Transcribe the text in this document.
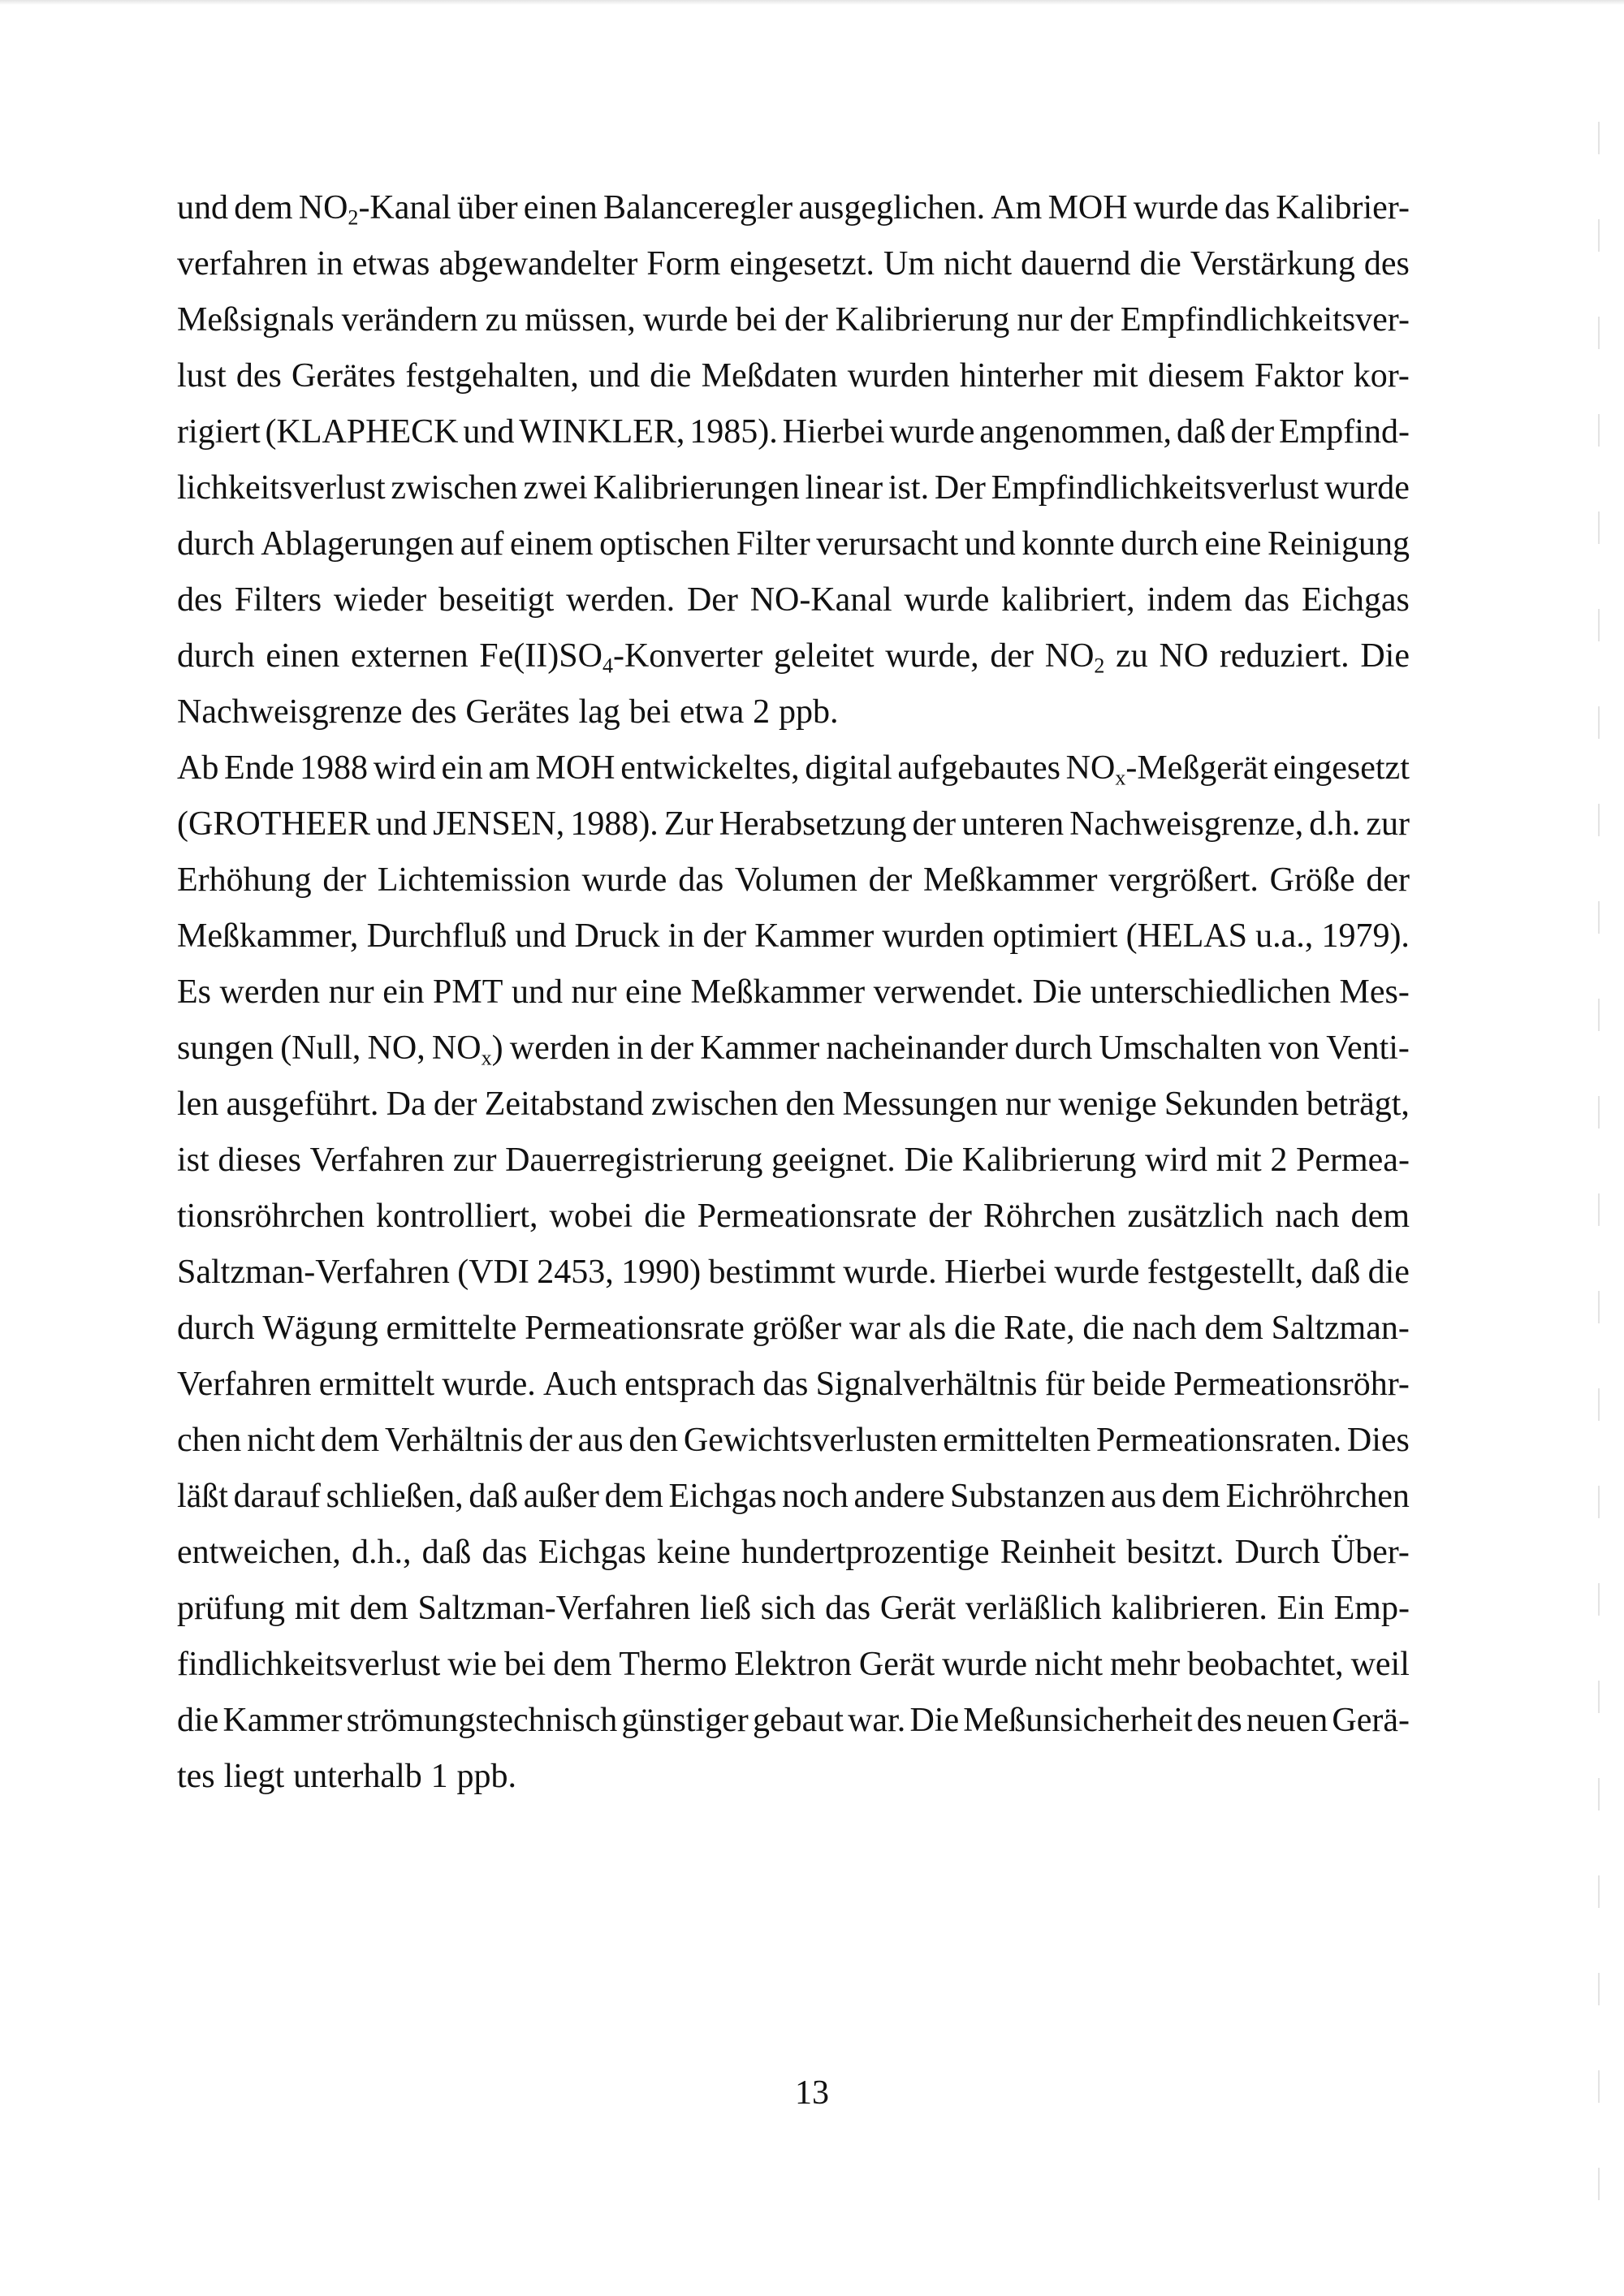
und dem $NO_2$-Kanal über einen Balanceregler ausgeglichen. Am MOH wurde das Kalibrier-
verfahren in etwas abgewandelter Form eingesetzt. Um nicht dauernd die Verstärkung des
Meßsignals verändern zu müssen, wurde bei der Kalibrierung nur der Empfindlichkeitsver-
lust des Gerätes festgehalten, und die Meßdaten wurden hinterher mit diesem Faktor kor-
rigiert (KLAPHECK und WINKLER, 1985). Hierbei wurde angenommen, daß der Empfind-
lichkeitsverlust zwischen zwei Kalibrierungen linear ist. Der Empfindlichkeitsverlust wurde
durch Ablagerungen auf einem optischen Filter verursacht und konnte durch eine Reinigung
des Filters wieder beseitigt werden. Der NO-Kanal wurde kalibriert, indem das Eichgas
durch einen externen $Fe(II)SO_4$-Konverter geleitet wurde, der $NO_2$ zu NO reduziert. Die
Nachweisgrenze des Gerätes lag bei etwa 2 ppb.
Ab Ende 1988 wird ein am MOH entwickeltes, digital aufgebautes $NO_x$-Meßgerät eingesetzt
(GROTHEER und JENSEN, 1988). Zur Herabsetzung der unteren Nachweisgrenze, d.h. zur
Erhöhung der Lichtemission wurde das Volumen der Meßkammer vergrößert. Größe der
Meßkammer, Durchfluß und Druck in der Kammer wurden optimiert (HELAS u.a., 1979).
Es werden nur ein PMT und nur eine Meßkammer verwendet. Die unterschiedlichen Mes-
sungen (Null, NO, $NO_x$) werden in der Kammer nacheinander durch Umschalten von Venti-
len ausgeführt. Da der Zeitabstand zwischen den Messungen nur wenige Sekunden beträgt,
ist dieses Verfahren zur Dauerregistrierung geeignet. Die Kalibrierung wird mit 2 Permea-
tionsröhrchen kontrolliert, wobei die Permeationsrate der Röhrchen zusätzlich nach dem
Saltzman-Verfahren (VDI 2453, 1990) bestimmt wurde. Hierbei wurde festgestellt, daß die
durch Wägung ermittelte Permeationsrate größer war als die Rate, die nach dem Saltzman-
Verfahren ermittelt wurde. Auch entsprach das Signalverhältnis für beide Permeationsröhr-
chen nicht dem Verhältnis der aus den Gewichtsverlusten ermittelten Permeationsraten. Dies
läßt darauf schließen, daß außer dem Eichgas noch andere Substanzen aus dem Eichröhrchen
entweichen, d.h., daß das Eichgas keine hundertprozentige Reinheit besitzt. Durch Über-
prüfung mit dem Saltzman-Verfahren ließ sich das Gerät verläßlich kalibrieren. Ein Emp-
findlichkeitsverlust wie bei dem Thermo Elektron Gerät wurde nicht mehr beobachtet, weil
die Kammer strömungstechnisch günstiger gebaut war. Die Meßunsicherheit des neuen Gerä-
tes liegt unterhalb 1 ppb.
13
